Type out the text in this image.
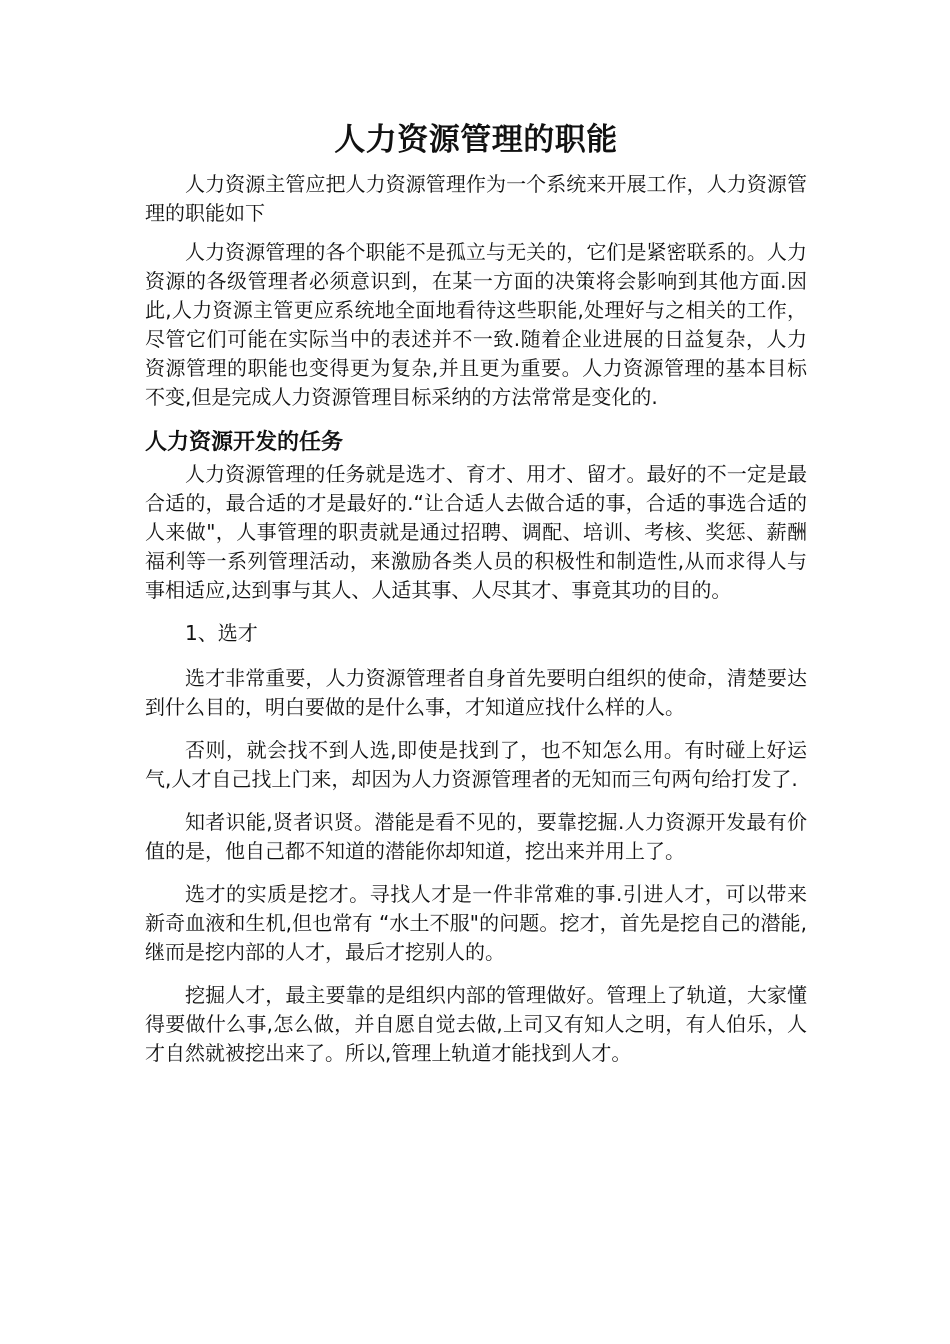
人力资源管理的职能

人力资源主管应把人力资源管理作为一个系统来开展工作，人力资源管理的职能如下

人力资源管理的各个职能不是孤立与无关的，它们是紧密联系的。人力资源的各级管理者必须意识到，在某一方面的决策将会影响到其他方面.因此,人力资源主管更应系统地全面地看待这些职能,处理好与之相关的工作，尽管它们可能在实际当中的表述并不一致.随着企业进展的日益复杂，人力资源管理的职能也变得更为复杂,并且更为重要。人力资源管理的基本目标不变,但是完成人力资源管理目标采纳的方法常常是变化的.

人力资源开发的任务

人力资源管理的任务就是选才、育才、用才、留才。最好的不一定是最合适的，最合适的才是最好的.“让合适人去做合适的事，合适的事选合适的人来做"，人事管理的职责就是通过招聘、调配、培训、考核、奖惩、薪酬福利等一系列管理活动，来激励各类人员的积极性和制造性,从而求得人与事相适应,达到事与其人、人适其事、人尽其才、事竟其功的目的。

1、选才

选才非常重要，人力资源管理者自身首先要明白组织的使命，清楚要达到什么目的，明白要做的是什么事，才知道应找什么样的人。

否则，就会找不到人选,即使是找到了，也不知怎么用。有时碰上好运气,人才自己找上门来，却因为人力资源管理者的无知而三句两句给打发了.

知者识能,贤者识贤。潜能是看不见的，要靠挖掘.人力资源开发最有价值的是，他自己都不知道的潜能你却知道，挖出来并用上了。

选才的实质是挖才。寻找人才是一件非常难的事.引进人才，可以带来新奇血液和生机,但也常有 “水土不服"的问题。挖才，首先是挖自己的潜能,继而是挖内部的人才，最后才挖别人的。

挖掘人才，最主要靠的是组织内部的管理做好。管理上了轨道，大家懂得要做什么事,怎么做，并自愿自觉去做,上司又有知人之明，有人伯乐，人才自然就被挖出来了。所以,管理上轨道才能找到人才。
